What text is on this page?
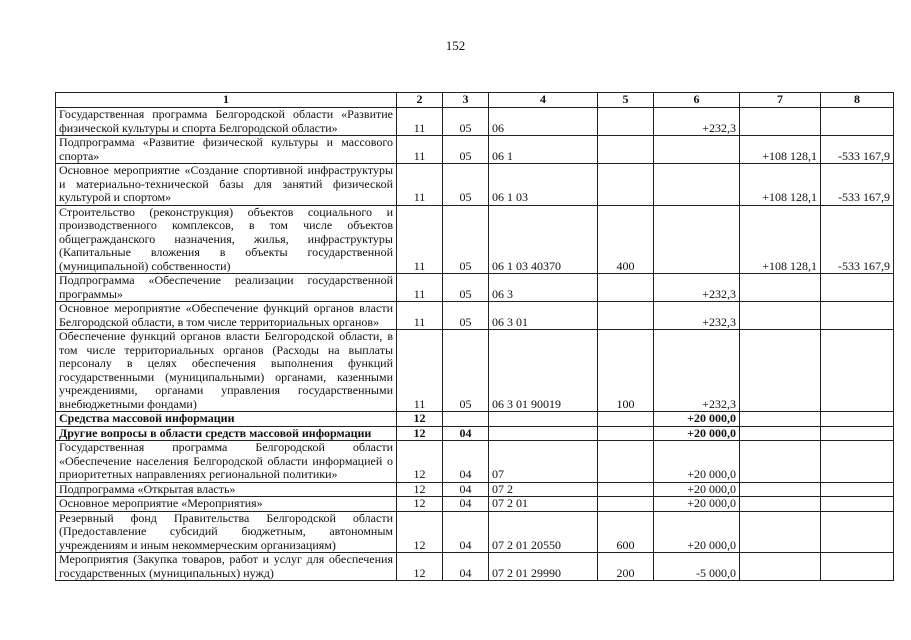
152
1	2	3	4	5	6	7	8
Государственная программа Белгородской области «Развитие физической культуры и спорта Белгородской области»	11	05	06		+232,3		
Подпрограмма «Развитие физической культуры и массового спорта»	11	05	06 1			+108 128,1	-533 167,9
Основное мероприятие «Создание спортивной инфраструктуры и материально-технической базы для занятий физической культурой и спортом»	11	05	06 1 03			+108 128,1	-533 167,9
Строительство (реконструкция) объектов социального и производственного комплексов, в том числе объектов общегражданского назначения, жилья, инфраструктуры (Капитальные вложения в объекты государственной (муниципальной) собственности)	11	05	06 1 03 40370	400		+108 128,1	-533 167,9
Подпрограмма «Обеспечение реализации государственной программы»	11	05	06 3		+232,3		
Основное мероприятие «Обеспечение функций органов власти Белгородской области, в том числе территориальных органов»	11	05	06 3 01		+232,3		
Обеспечение функций органов власти Белгородской области, в том числе территориальных органов (Расходы на выплаты персоналу в целях обеспечения выполнения функций государственными (муниципальными) органами, казенными учреждениями, органами управления государственными внебюджетными фондами)	11	05	06 3 01 90019	100	+232,3		
Средства массовой информации	12				+20 000,0		
Другие вопросы в области средств массовой информации	12	04			+20 000,0		
Государственная программа Белгородской области «Обеспечение населения Белгородской области информацией о приоритетных направлениях региональной политики»	12	04	07		+20 000,0		
Подпрограмма «Открытая власть»	12	04	07 2		+20 000,0		
Основное мероприятие «Мероприятия»	12	04	07 2 01		+20 000,0		
Резервный фонд Правительства Белгородской области (Предоставление субсидий бюджетным, автономным учреждениям и иным некоммерческим организациям)	12	04	07 2 01 20550	600	+20 000,0		
Мероприятия (Закупка товаров, работ и услуг для обеспечения государственных (муниципальных) нужд)	12	04	07 2 01 29990	200	-5 000,0		
